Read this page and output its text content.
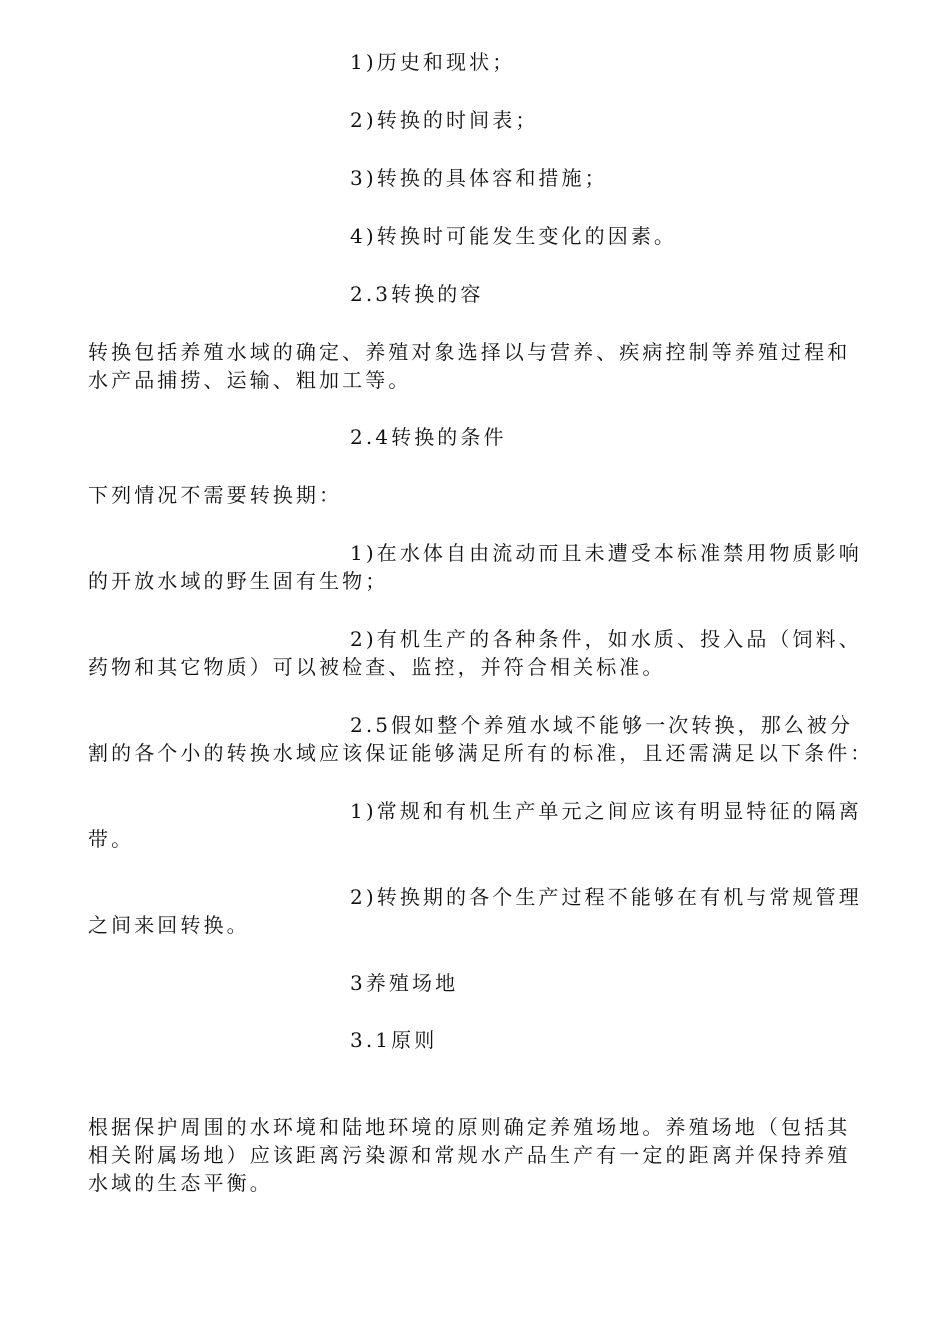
1)历史和现状；
2)转换的时间表；
3)转换的具体容和措施；
4)转换时可能发生变化的因素。
2.3转换的容
转换包括养殖水域的确定、养殖对象选择以与营养、疾病控制等养殖过程和
水产品捕捞、运输、粗加工等。
2.4转换的条件
下列情况不需要转换期：
1)在水体自由流动而且未遭受本标准禁用物质影响
的开放水域的野生固有生物；
2)有机生产的各种条件，如水质、投入品（饲料、
药物和其它物质）可以被检查、监控，并符合相关标准。
2.5假如整个养殖水域不能够一次转换，那么被分
割的各个小的转换水域应该保证能够满足所有的标准，且还需满足以下条件：
1)常规和有机生产单元之间应该有明显特征的隔离
带。
2)转换期的各个生产过程不能够在有机与常规管理
之间来回转换。
3养殖场地
3.1原则
根据保护周围的水环境和陆地环境的原则确定养殖场地。养殖场地（包括其
相关附属场地）应该距离污染源和常规水产品生产有一定的距离并保持养殖
水域的生态平衡。
